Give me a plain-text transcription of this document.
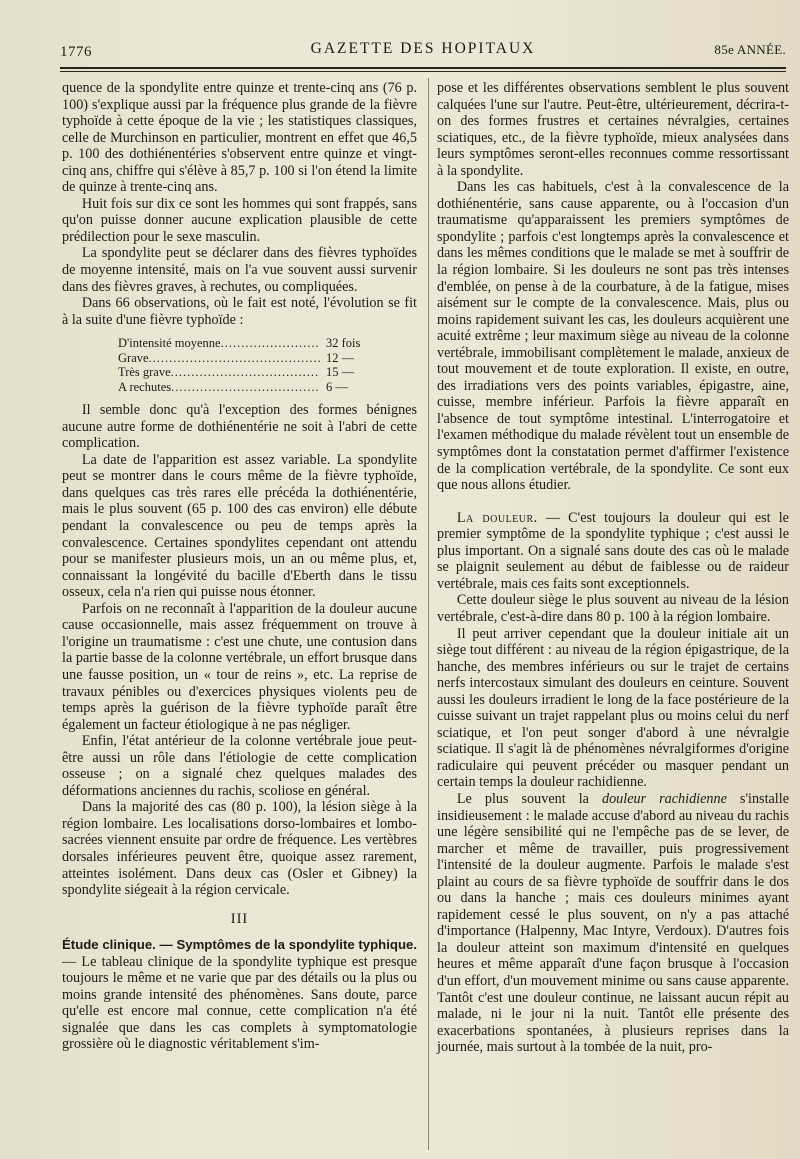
1776	GAZETTE DES HOPITAUX	85e ANNÉE.

quence de la spondylite entre quinze et trente-cinq ans (76 p. 100) s'explique aussi par la fréquence plus grande de la fièvre typhoïde à cette époque de la vie ; les statistiques classiques, celle de Murchinson en particulier, montrent en effet que 46,5 p. 100 des dothiénentéries s'observent entre quinze et vingt-cinq ans, chiffre qui s'élève à 85,7 p. 100 si l'on étend la limite de quinze à trente-cinq ans.

Huit fois sur dix ce sont les hommes qui sont frappés, sans qu'on puisse donner aucune explication plausible de cette prédilection pour le sexe masculin.

La spondylite peut se déclarer dans des fièvres typhoïdes de moyenne intensité, mais on l'a vue souvent aussi survenir dans des fièvres graves, à rechutes, ou compliquées.

Dans 66 observations, où le fait est noté, l'évolution se fit à la suite d'une fièvre typhoïde :

D'intensité moyenne .....	32 fois
Grave .....	12 —
Très grave .....	15 —
A rechutes .....	6 —

Il semble donc qu'à l'exception des formes bénignes aucune autre forme de dothiénentérie ne soit à l'abri de cette complication.

La date de l'apparition est assez variable. La spondylite peut se montrer dans le cours même de la fièvre typhoïde, dans quelques cas très rares elle précéda la dothiénentérie, mais le plus souvent (65 p. 100 des cas environ) elle débute pendant la convalescence ou peu de temps après la convalescence. Certaines spondylites cependant ont attendu pour se manifester plusieurs mois, un an ou même plus, et, connaissant la longévité du bacille d'Eberth dans le tissu osseux, cela n'a rien qui puisse nous étonner.

Parfois on ne reconnaît à l'apparition de la douleur aucune cause occasionnelle, mais assez fréquemment on trouve à l'origine un traumatisme : c'est une chute, une contusion dans la partie basse de la colonne vertébrale, un effort brusque dans une fausse position, un « tour de reins », etc. La reprise de travaux pénibles ou d'exercices physiques violents peu de temps après la guérison de la fièvre typhoïde paraît être également un facteur étiologique à ne pas négliger.

Enfin, l'état antérieur de la colonne vertébrale joue peut-être aussi un rôle dans l'étiologie de cette complication osseuse ; on a signalé chez quelques malades des déformations anciennes du rachis, scoliose en général.

Dans la majorité des cas (80 p. 100), la lésion siège à la région lombaire. Les localisations dorso-lombaires et lombo-sacrées viennent ensuite par ordre de fréquence. Les vertèbres dorsales inférieures peuvent être, quoique assez rarement, atteintes isolément. Dans deux cas (Osler et Gibney) la spondylite siégeait à la région cervicale.

III

Étude clinique. — Symptômes de la spondylite typhique. — Le tableau clinique de la spondylite typhique est presque toujours le même et ne varie que par des détails ou la plus ou moins grande intensité des phénomènes. Sans doute, parce qu'elle est encore mal connue, cette complication n'a été signalée que dans les cas complets à symptomatologie grossière où le diagnostic véritablement s'im-

pose et les différentes observations semblent le plus souvent calquées l'une sur l'autre. Peut-être, ultérieurement, décrira-t-on des formes frustres et certaines névralgies, certaines sciatiques, etc., de la fièvre typhoïde, mieux analysées dans leurs symptômes seront-elles reconnues comme ressortissant à la spondylite.

Dans les cas habituels, c'est à la convalescence de la dothiénentérie, sans cause apparente, ou à l'occasion d'un traumatisme qu'apparaissent les premiers symptômes de spondylite ; parfois c'est longtemps après la convalescence et dans les mêmes conditions que le malade se met à souffrir de la région lombaire. Si les douleurs ne sont pas très intenses d'emblée, on pense à de la courbature, à de la fatigue, mises aisément sur le compte de la convalescence. Mais, plus ou moins rapidement suivant les cas, les douleurs acquièrent une acuité extrême ; leur maximum siège au niveau de la colonne vertébrale, immobilisant complètement le malade, anxieux de tout mouvement et de toute exploration. Il existe, en outre, des irradiations vers des points variables, épigastre, aine, cuisse, membre inférieur. Parfois la fièvre apparaît en l'absence de tout symptôme intestinal. L'interrogatoire et l'examen méthodique du malade révèlent tout un ensemble de symptômes dont la constatation permet d'affirmer l'existence de la complication vertébrale, de la spondylite. Ce sont eux que nous allons étudier.

La douleur. — C'est toujours la douleur qui est le premier symptôme de la spondylite typhique ; c'est aussi le plus important. On a signalé sans doute des cas où le malade se plaignit seulement au début de faiblesse ou de raideur vertébrale, mais ces faits sont exceptionnels.

Cette douleur siège le plus souvent au niveau de la lésion vertébrale, c'est-à-dire dans 80 p. 100 à la région lombaire.

Il peut arriver cependant que la douleur initiale ait un siège tout différent : au niveau de la région épigastrique, de la hanche, des membres inférieurs ou sur le trajet de certains nerfs intercostaux simulant des douleurs en ceinture. Souvent aussi les douleurs irradient le long de la face postérieure de la cuisse suivant un trajet rappelant plus ou moins celui du nerf sciatique, et l'on peut songer d'abord à une névralgie sciatique. Il s'agit là de phénomènes névralgiformes d'origine radiculaire qui peuvent précéder ou masquer pendant un certain temps la douleur rachidienne.

Le plus souvent la douleur rachidienne s'installe insidieusement : le malade accuse d'abord au niveau du rachis une légère sensibilité qui ne l'empêche pas de se lever, de marcher et même de travailler, puis progressivement l'intensité de la douleur augmente. Parfois le malade s'est plaint au cours de sa fièvre typhoïde de souffrir dans le dos ou dans la hanche ; mais ces douleurs minimes ayant rapidement cessé le plus souvent, on n'y a pas attaché d'importance (Halpenny, Mac Intyre, Verdoux). D'autres fois la douleur atteint son maximum d'intensité en quelques heures et même apparaît d'une façon brusque à l'occasion d'un effort, d'un mouvement minime ou sans cause apparente. Tantôt c'est une douleur continue, ne laissant aucun répit au malade, ni le jour ni la nuit. Tantôt elle présente des exacerbations spontanées, à plusieurs reprises dans la journée, mais surtout à la tombée de la nuit, pro-
